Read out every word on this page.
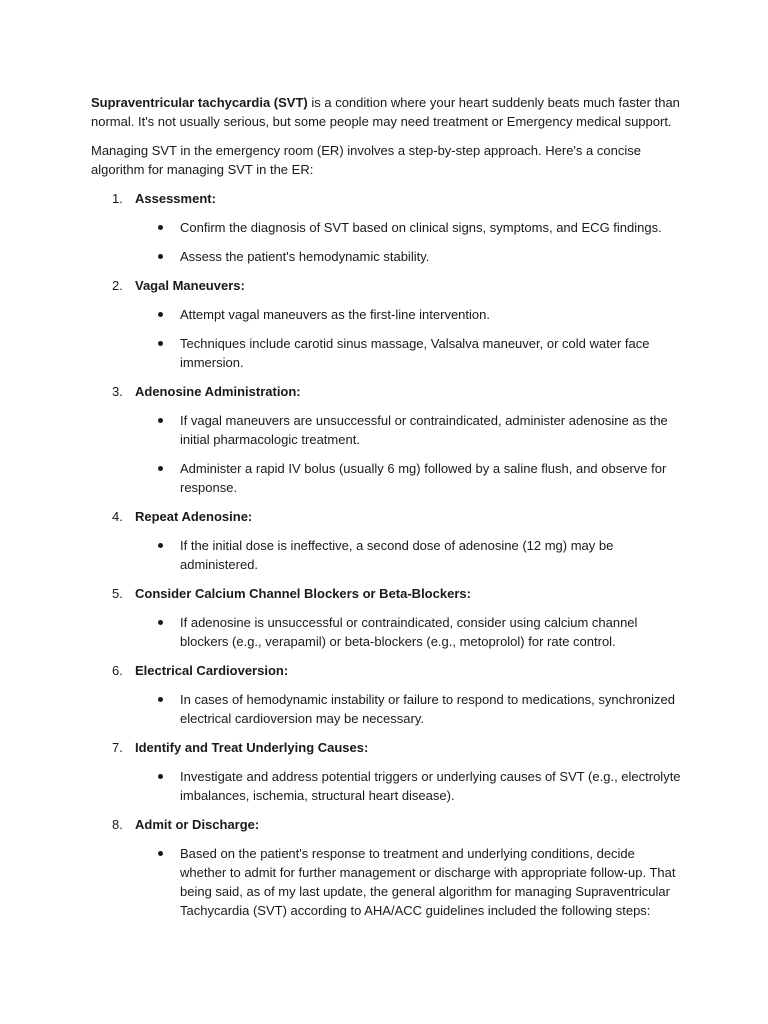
Supraventricular tachycardia (SVT) is a condition where your heart suddenly beats much faster than normal. It's not usually serious, but some people may need treatment or Emergency medical support.

Managing SVT in the emergency room (ER) involves a step-by-step approach. Here's a concise algorithm for managing SVT in the ER:

1. Assessment:
Confirm the diagnosis of SVT based on clinical signs, symptoms, and ECG findings.
Assess the patient's hemodynamic stability.
2. Vagal Maneuvers:
Attempt vagal maneuvers as the first-line intervention.
Techniques include carotid sinus massage, Valsalva maneuver, or cold water face immersion.
3. Adenosine Administration:
If vagal maneuvers are unsuccessful or contraindicated, administer adenosine as the initial pharmacologic treatment.
Administer a rapid IV bolus (usually 6 mg) followed by a saline flush, and observe for response.
4. Repeat Adenosine:
If the initial dose is ineffective, a second dose of adenosine (12 mg) may be administered.
5. Consider Calcium Channel Blockers or Beta-Blockers:
If adenosine is unsuccessful or contraindicated, consider using calcium channel blockers (e.g., verapamil) or beta-blockers (e.g., metoprolol) for rate control.
6. Electrical Cardioversion:
In cases of hemodynamic instability or failure to respond to medications, synchronized electrical cardioversion may be necessary.
7. Identify and Treat Underlying Causes:
Investigate and address potential triggers or underlying causes of SVT (e.g., electrolyte imbalances, ischemia, structural heart disease).
8. Admit or Discharge:
Based on the patient's response to treatment and underlying conditions, decide whether to admit for further management or discharge with appropriate follow-up. That being said, as of my last update, the general algorithm for managing Supraventricular Tachycardia (SVT) according to AHA/ACC guidelines included the following steps:
